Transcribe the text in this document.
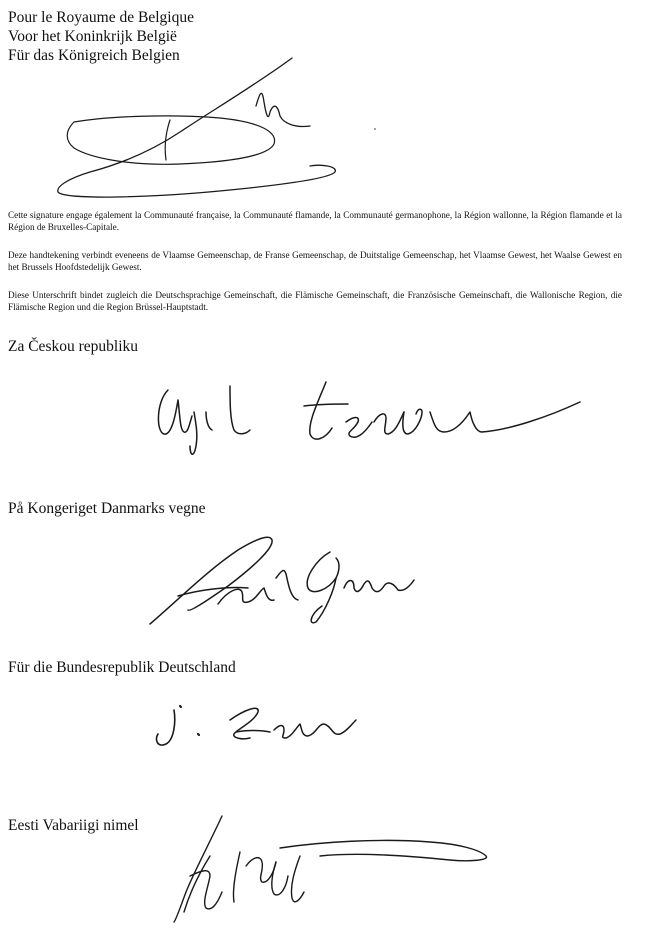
Pour le Royaume de Belgique
Voor het Koninkrijk België
Für das Königreich Belgien
Cette signature engage également la Communauté française, la Communauté flamande, la Communauté germanophone, la Région wallonne, la Région flamande et la Région de Bruxelles-Capitale.
Deze handtekening verbindt eveneens de Vlaamse Gemeenschap, de Franse Gemeenschap, de Duitstalige Gemeenschap, het Vlaamse Gewest, het Waalse Gewest en het Brussels Hoofdstedelijk Gewest.
Diese Unterschrift bindet zugleich die Deutschsprachige Gemeinschaft, die Flämische Gemeinschaft, die Französische Gemeinschaft, die Wallonische Region, die Flämische Region und die Region Brüssel-Hauptstadt.
Za Českou republiku
På Kongeriget Danmarks vegne
Für die Bundesrepublik Deutschland
Eesti Vabariigi nimel
